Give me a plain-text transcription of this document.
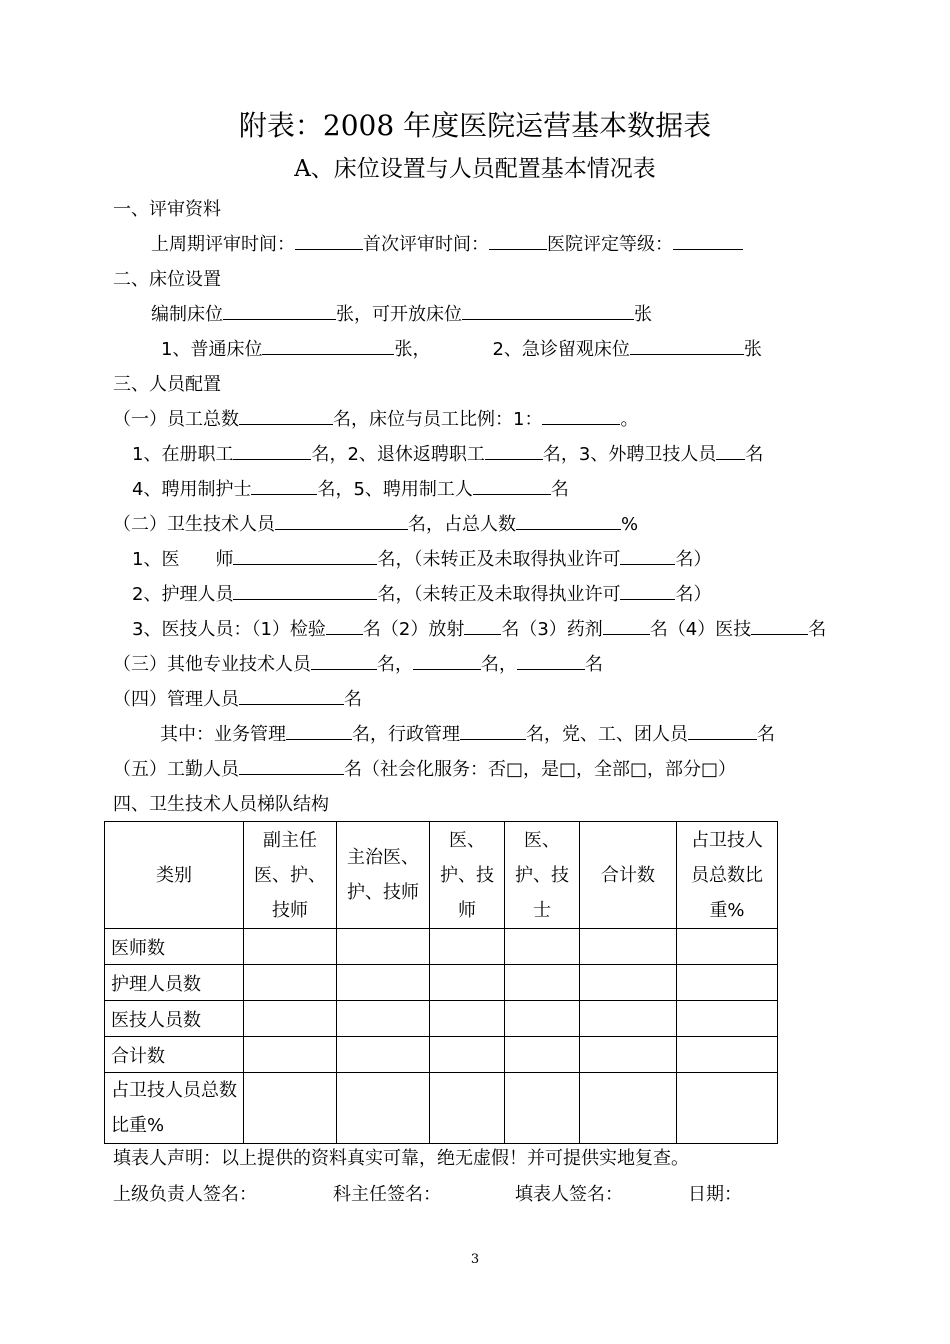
附表：2008 年度医院运营基本数据表
A、床位设置与人员配置基本情况表
一、评审资料
上周期评审时间：	首次评审时间：	医院评定等级：
二、床位设置
编制床位	张，可开放床位	张
1、普通床位	张，	2、急诊留观床位	张
三、人员配置
（一）员工总数	名，床位与员工比例：1：	。
1、在册职工	名，2、退休返聘职工	名，3、外聘卫技人员 名
4、聘用制护士	名，5、聘用制工人	名
（二）卫生技术人员	名，占总人数	%
1、医　　师	名，（未转正及未取得执业许可	名）
2、护理人员	名，（未转正及未取得执业许可	名）
3、医技人员：（1）检验 名（2）放射 名（3）药剂	名（4）医技	名
（三）其他专业技术人员	名，	名，	名
（四）管理人员	名
其中：业务管理	名，行政管理	名，党、工、团人员	名
（五）工勤人员	名（社会化服务：否□，是□，全部□，部分□）
四、卫生技术人员梯队结构
类别	副主任医、护、技师	主治医、护、技师	医、护、技师	医、护、技士	合计数	占卫技人员总数比重%
医师数						
护理人员数						
医技人员数						
合计数						
占卫技人员总数比重%						
填表人声明：以上提供的资料真实可靠，绝无虚假！并可提供实地复查。
上级负责人签名：	科主任签名：	填表人签名：	日期：
3
